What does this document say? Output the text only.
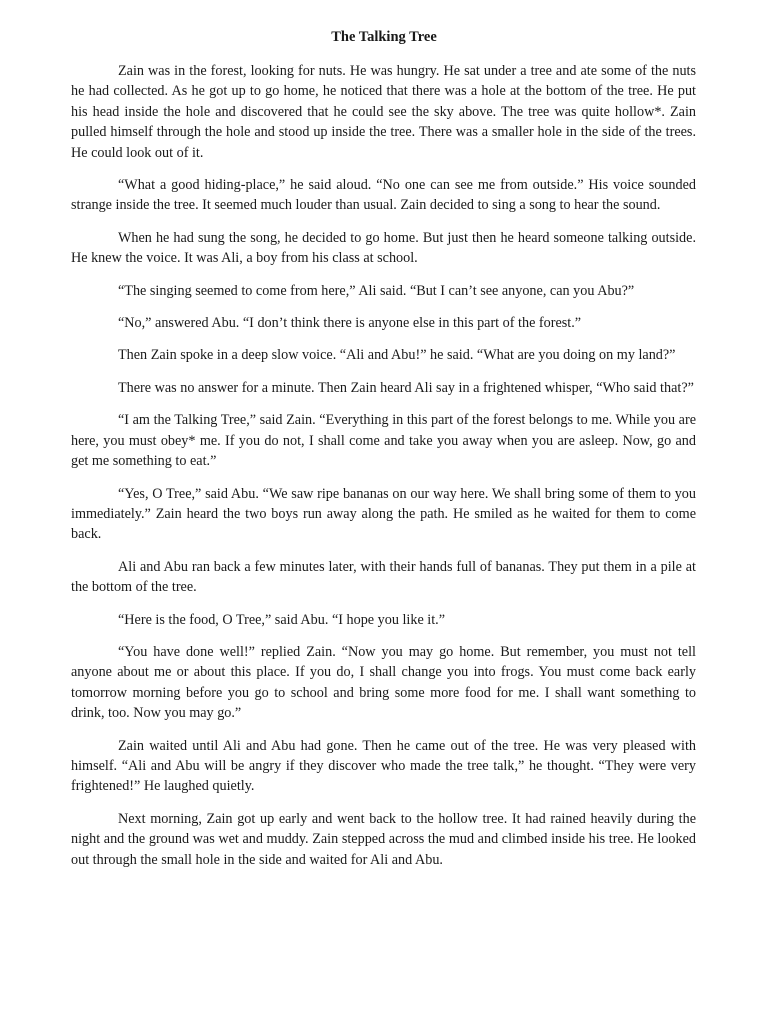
The Talking Tree

Zain was in the forest, looking for nuts. He was hungry. He sat under a tree and ate some of the nuts he had collected. As he got up to go home, he noticed that there was a hole at the bottom of the tree. He put his head inside the hole and discovered that he could see the sky above. The tree was quite hollow*. Zain pulled himself through the hole and stood up inside the tree. There was a smaller hole in the side of the trees. He could look out of it.

“What a good hiding-place,” he said aloud. “No one can see me from outside.” His voice sounded strange inside the tree. It seemed much louder than usual. Zain decided to sing a song to hear the sound.

When he had sung the song, he decided to go home. But just then he heard someone talking outside. He knew the voice. It was Ali, a boy from his class at school.

“The singing seemed to come from here,” Ali said. “But I can’t see anyone, can you Abu?”

“No,” answered Abu. “I don’t think there is anyone else in this part of the forest.”

Then Zain spoke in a deep slow voice. “Ali and Abu!” he said. “What are you doing on my land?”

There was no answer for a minute. Then Zain heard Ali say in a frightened whisper, “Who said that?”

“I am the Talking Tree,” said Zain. “Everything in this part of the forest belongs to me. While you are here, you must obey* me. If you do not, I shall come and take you away when you are asleep. Now, go and get me something to eat.”

“Yes, O Tree,” said Abu. “We saw ripe bananas on our way here. We shall bring some of them to you immediately.” Zain heard the two boys run away along the path. He smiled as he waited for them to come back.

Ali and Abu ran back a few minutes later, with their hands full of bananas. They put them in a pile at the bottom of the tree.

“Here is the food, O Tree,” said Abu. “I hope you like it.”

“You have done well!” replied Zain. “Now you may go home. But remember, you must not tell anyone about me or about this place. If you do, I shall change you into frogs. You must come back early tomorrow morning before you go to school and bring some more food for me. I shall want something to drink, too. Now you may go.”

Zain waited until Ali and Abu had gone. Then he came out of the tree. He was very pleased with himself. “Ali and Abu will be angry if they discover who made the tree talk,” he thought. “They were very frightened!” He laughed quietly.

Next morning, Zain got up early and went back to the hollow tree. It had rained heavily during the night and the ground was wet and muddy. Zain stepped across the mud and climbed inside his tree. He looked out through the small hole in the side and waited for Ali and Abu.
